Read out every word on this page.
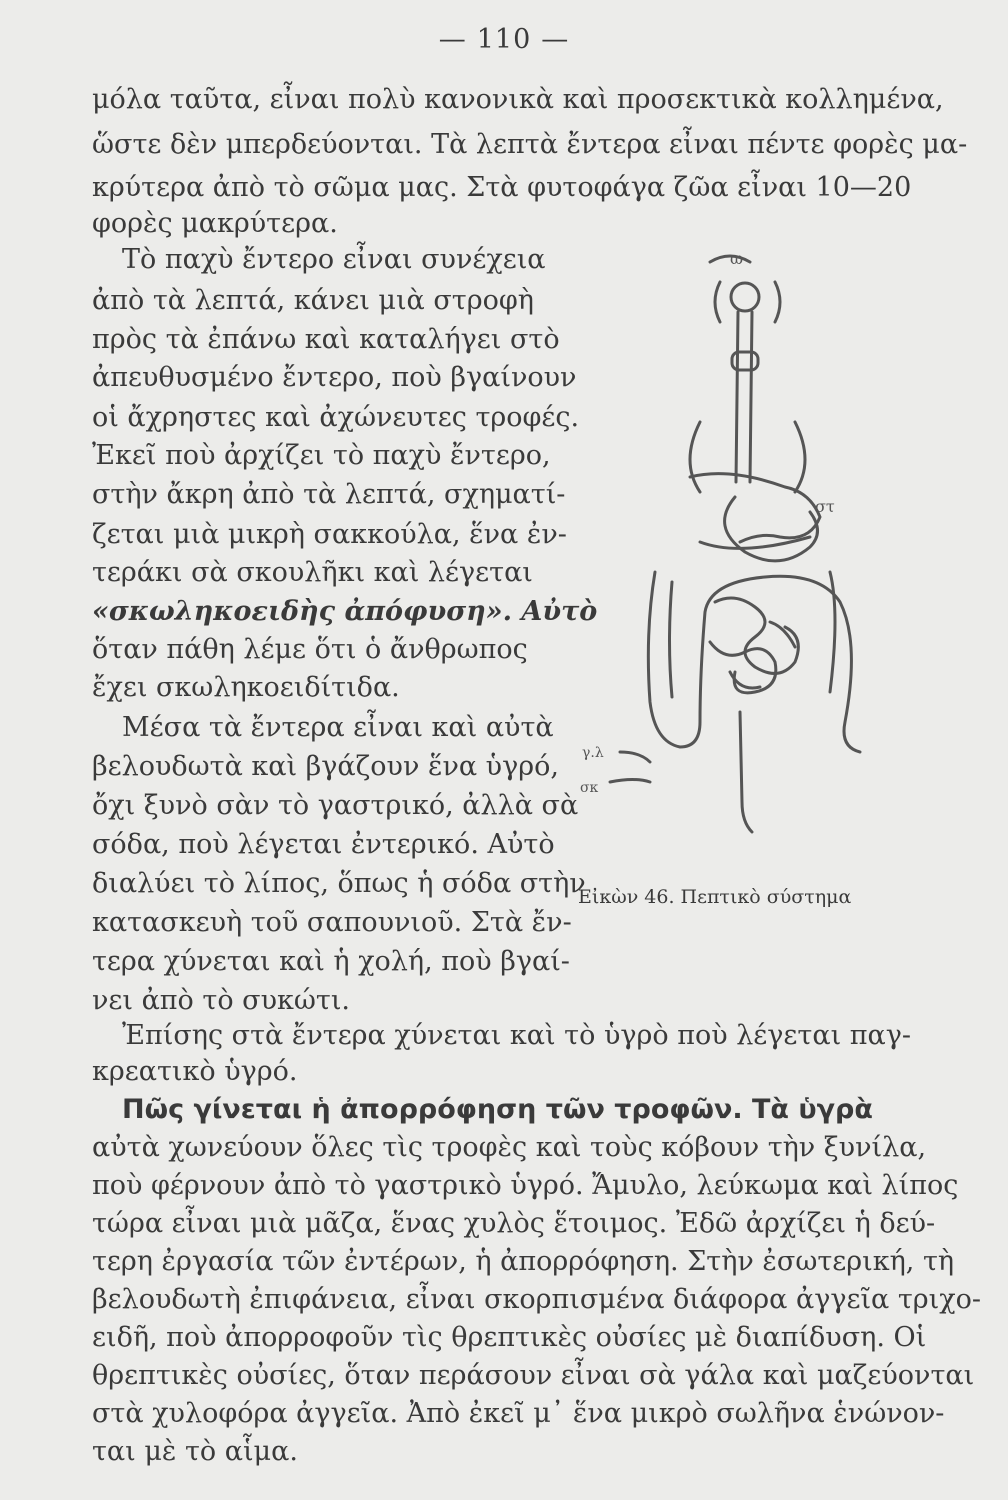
— 110 —
μόλα ταῦτα, εἶναι πολὺ κανονικὰ καὶ προσεκτικὰ κολλημένα,
ὥστε δὲν μπερδεύονται. Τὰ λεπτὰ ἔντερα εἶναι πέντε φορὲς μα-
κρύτερα ἀπὸ τὸ σῶμα μας. Στὰ φυτοφάγα ζῶα εἶναι 10—20
φορὲς μακρύτερα.
Τὸ παχὺ ἔντερο εἶναι συνέχεια
ἀπὸ τὰ λεπτά, κάνει μιὰ στροφὴ
πρὸς τὰ ἐπάνω καὶ καταλήγει στὸ
ἀπευθυσμένο ἔντερο, ποὺ βγαίνουν
οἱ ἄχρηστες καὶ ἀχώνευτες τροφές.
Ἐκεῖ ποὺ ἀρχίζει τὸ παχὺ ἔντερο,
στὴν ἄκρη ἀπὸ τὰ λεπτά, σχηματί-
ζεται μιὰ μικρὴ σακκούλα, ἕνα ἐν-
τεράκι σὰ σκουλῆκι καὶ λέγεται
«σκωληκοειδὴς ἀπόφυση». Αὐτὸ
ὅταν πάθη λέμε ὅτι ὁ ἄνθρωπος
ἔχει σκωληκοειδίτιδα.
Μέσα τὰ ἔντερα εἶναι καὶ αὐτὰ
βελουδωτὰ καὶ βγάζουν ἕνα ὑγρό,
ὄχι ξυνὸ σὰν τὸ γαστρικό, ἀλλὰ σὰ
σόδα, ποὺ λέγεται ἐντερικό. Αὐτὸ
διαλύει τὸ λίπος, ὅπως ἡ σόδα στὴν
κατασκευὴ τοῦ σαπουνιοῦ. Στὰ ἔν-
τερα χύνεται καὶ ἡ χολή, ποὺ βγαί-
νει ἀπὸ τὸ συκώτι.
Ἐπίσης στὰ ἔντερα χύνεται καὶ τὸ ὑγρὸ ποὺ λέγεται παγ-
κρεατικὸ ὑγρό.
Πῶς γίνεται ἡ ἀπορρόφηση τῶν τροφῶν. Τὰ ὑγρὰ
αὐτὰ χωνεύουν ὅλες τὶς τροφὲς καὶ τοὺς κόβουν τὴν ξυνίλα,
ποὺ φέρνουν ἀπὸ τὸ γαστρικὸ ὑγρό. Ἄμυλο, λεύκωμα καὶ λίπος
τώρα εἶναι μιὰ μᾶζα, ἕνας χυλὸς ἕτοιμος. Ἐδῶ ἀρχίζει ἡ δεύ-
τερη ἐργασία τῶν ἐντέρων, ἡ ἀπορρόφηση. Στὴν ἐσωτερική, τὴ
βελουδωτὴ ἐπιφάνεια, εἶναι σκορπισμένα διάφορα ἀγγεῖα τριχο-
ειδῆ, ποὺ ἀπορροφοῦν τὶς θρεπτικὲς οὐσίες μὲ διαπίδυση. Οἱ
θρεπτικὲς οὐσίες, ὅταν περάσουν εἶναι σὰ γάλα καὶ μαζεύονται
στὰ χυλοφόρα ἀγγεῖα. Ἀπὸ ἐκεῖ μ᾽ ἕνα μικρὸ σωλῆνα ἑνώνον-
ται μὲ τὸ αἷμα.
ω
στ
γ.λ
σκ
Εἰκὼν 46. Πεπτικὸ σύστημα
